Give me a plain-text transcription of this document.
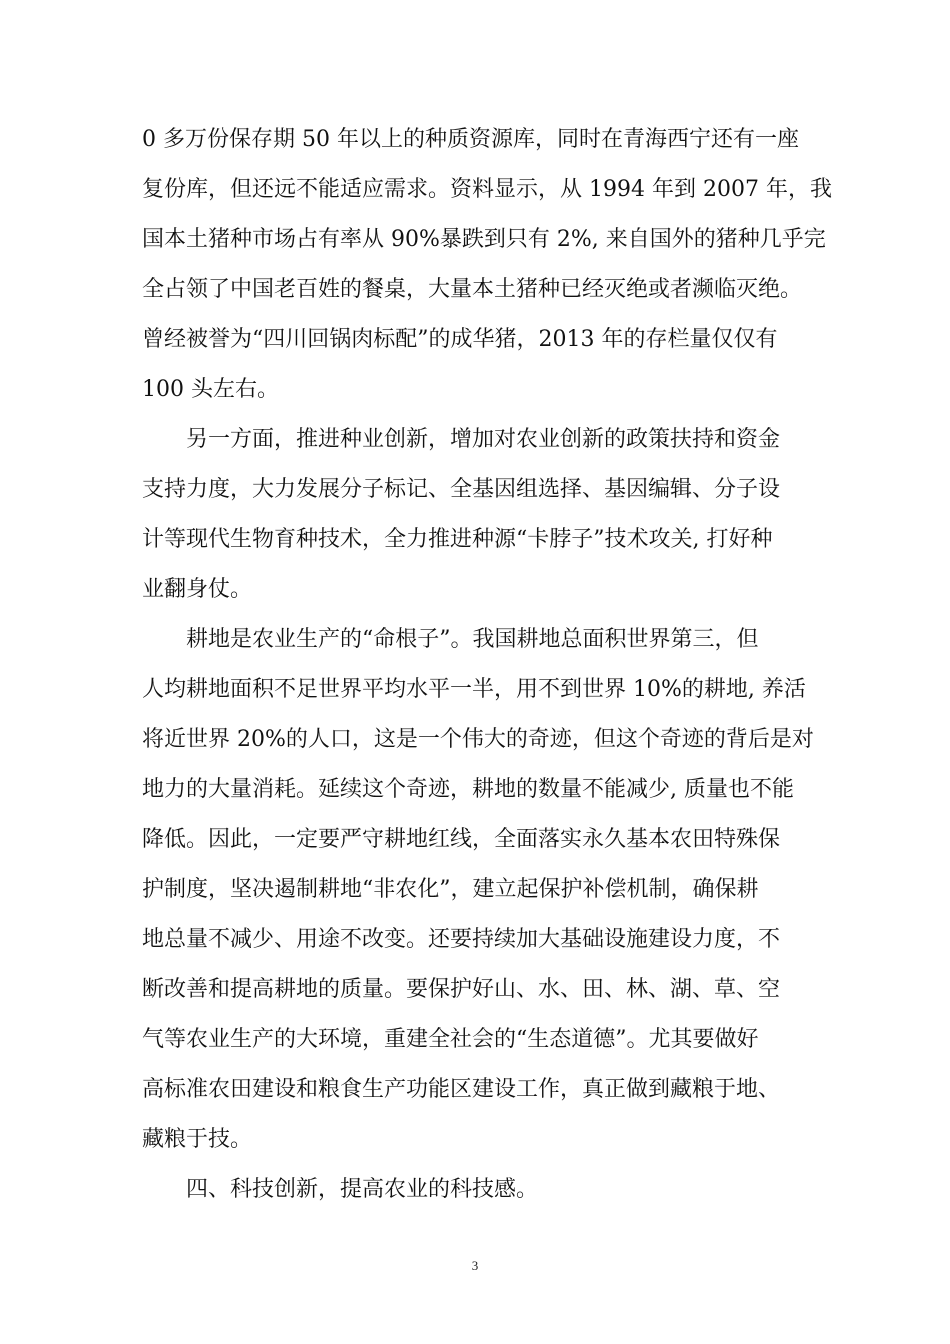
0 多万份保存期 50 年以上的种质资源库，同时在青海西宁还有一座
复份库，但还远不能适应需求。资料显示，从 1994 年到 2007 年，我
国本土猪种市场占有率从 90%暴跌到只有 2%, 来自国外的猪种几乎完
全占领了中国老百姓的餐桌，大量本土猪种已经灭绝或者濒临灭绝。
曾经被誉为“四川回锅肉标配”的成华猪，2013 年的存栏量仅仅有
100 头左右。
另一方面，推进种业创新，增加对农业创新的政策扶持和资金
支持力度，大力发展分子标记、全基因组选择、基因编辑、分子设
计等现代生物育种技术，全力推进种源“卡脖子”技术攻关, 打好种
业翻身仗。
耕地是农业生产的“命根子”。我国耕地总面积世界第三，但
人均耕地面积不足世界平均水平一半，用不到世界 10%的耕地, 养活
将近世界 20%的人口，这是一个伟大的奇迹，但这个奇迹的背后是对
地力的大量消耗。延续这个奇迹，耕地的数量不能减少, 质量也不能
降低。因此，一定要严守耕地红线，全面落实永久基本农田特殊保
护制度，坚决遏制耕地“非农化”，建立起保护补偿机制，确保耕
地总量不减少、用途不改变。还要持续加大基础设施建设力度，不
断改善和提高耕地的质量。要保护好山、水、田、林、湖、草、空
气等农业生产的大环境，重建全社会的“生态道德”。尤其要做好
高标准农田建设和粮食生产功能区建设工作，真正做到藏粮于地、
藏粮于技。
四、科技创新，提高农业的科技感。
3
